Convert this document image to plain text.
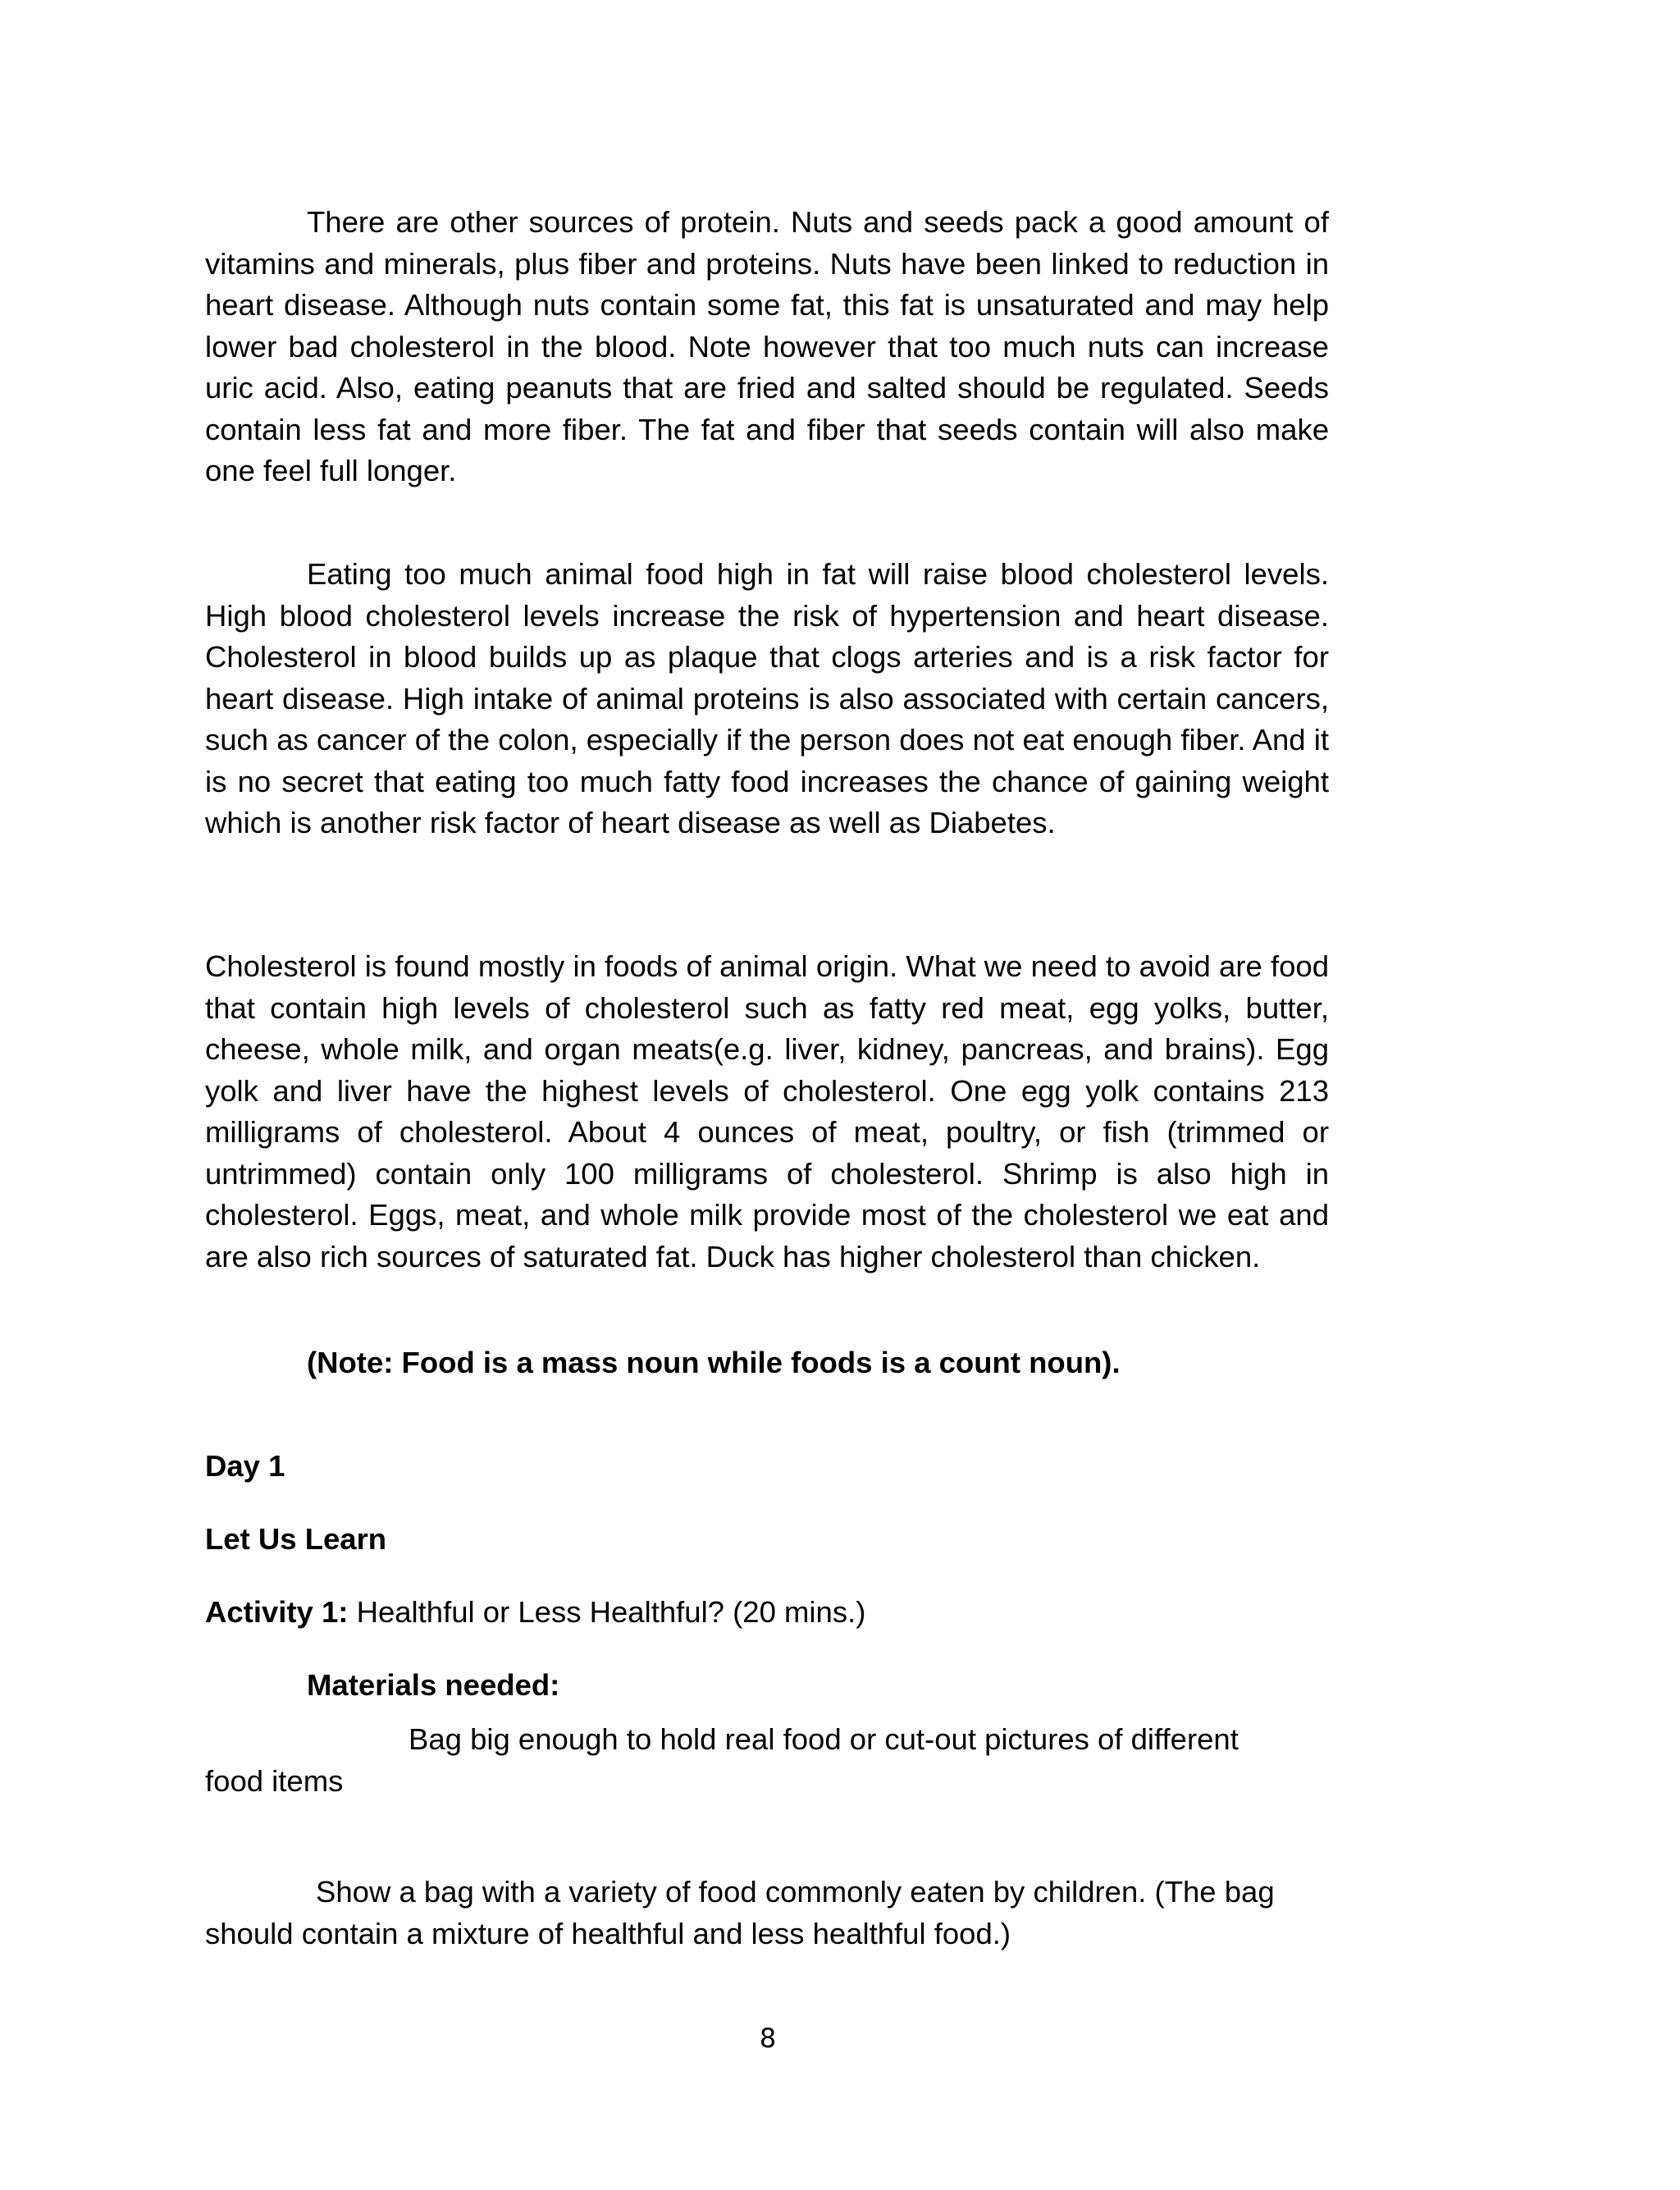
There are other sources of protein. Nuts and seeds pack a good amount of vitamins and minerals, plus fiber and proteins. Nuts have been linked to reduction in heart disease. Although nuts contain some fat, this fat is unsaturated and may help lower bad cholesterol in the blood. Note however that too much nuts can increase uric acid. Also, eating peanuts that are fried and salted should be regulated. Seeds contain less fat and more fiber. The fat and fiber that seeds contain will also make one feel full longer.

Eating too much animal food high in fat will raise blood cholesterol levels. High blood cholesterol levels increase the risk of hypertension and heart disease. Cholesterol in blood builds up as plaque that clogs arteries and is a risk factor for heart disease. High intake of animal proteins is also associated with certain cancers, such as cancer of the colon, especially if the person does not eat enough fiber. And it is no secret that eating too much fatty food increases the chance of gaining weight which is another risk factor of heart disease as well as Diabetes.

Cholesterol is found mostly in foods of animal origin. What we need to avoid are food that contain high levels of cholesterol such as fatty red meat, egg yolks, butter, cheese, whole milk, and organ meats(e.g. liver, kidney, pancreas, and brains). Egg yolk and liver have the highest levels of cholesterol. One egg yolk contains 213 milligrams of cholesterol. About 4 ounces of meat, poultry, or fish (trimmed or untrimmed) contain only 100 milligrams of cholesterol. Shrimp is also high in cholesterol. Eggs, meat, and whole milk provide most of the cholesterol we eat and are also rich sources of saturated fat. Duck has higher cholesterol than chicken.

(Note: Food is a mass noun while foods is a count noun).

Day 1

Let Us Learn

Activity 1: Healthful or Less Healthful? (20 mins.)

Materials needed:

Bag big enough to hold real food or cut-out pictures of different food items

Show a bag with a variety of food commonly eaten by children. (The bag should contain a mixture of healthful and less healthful food.)

8
